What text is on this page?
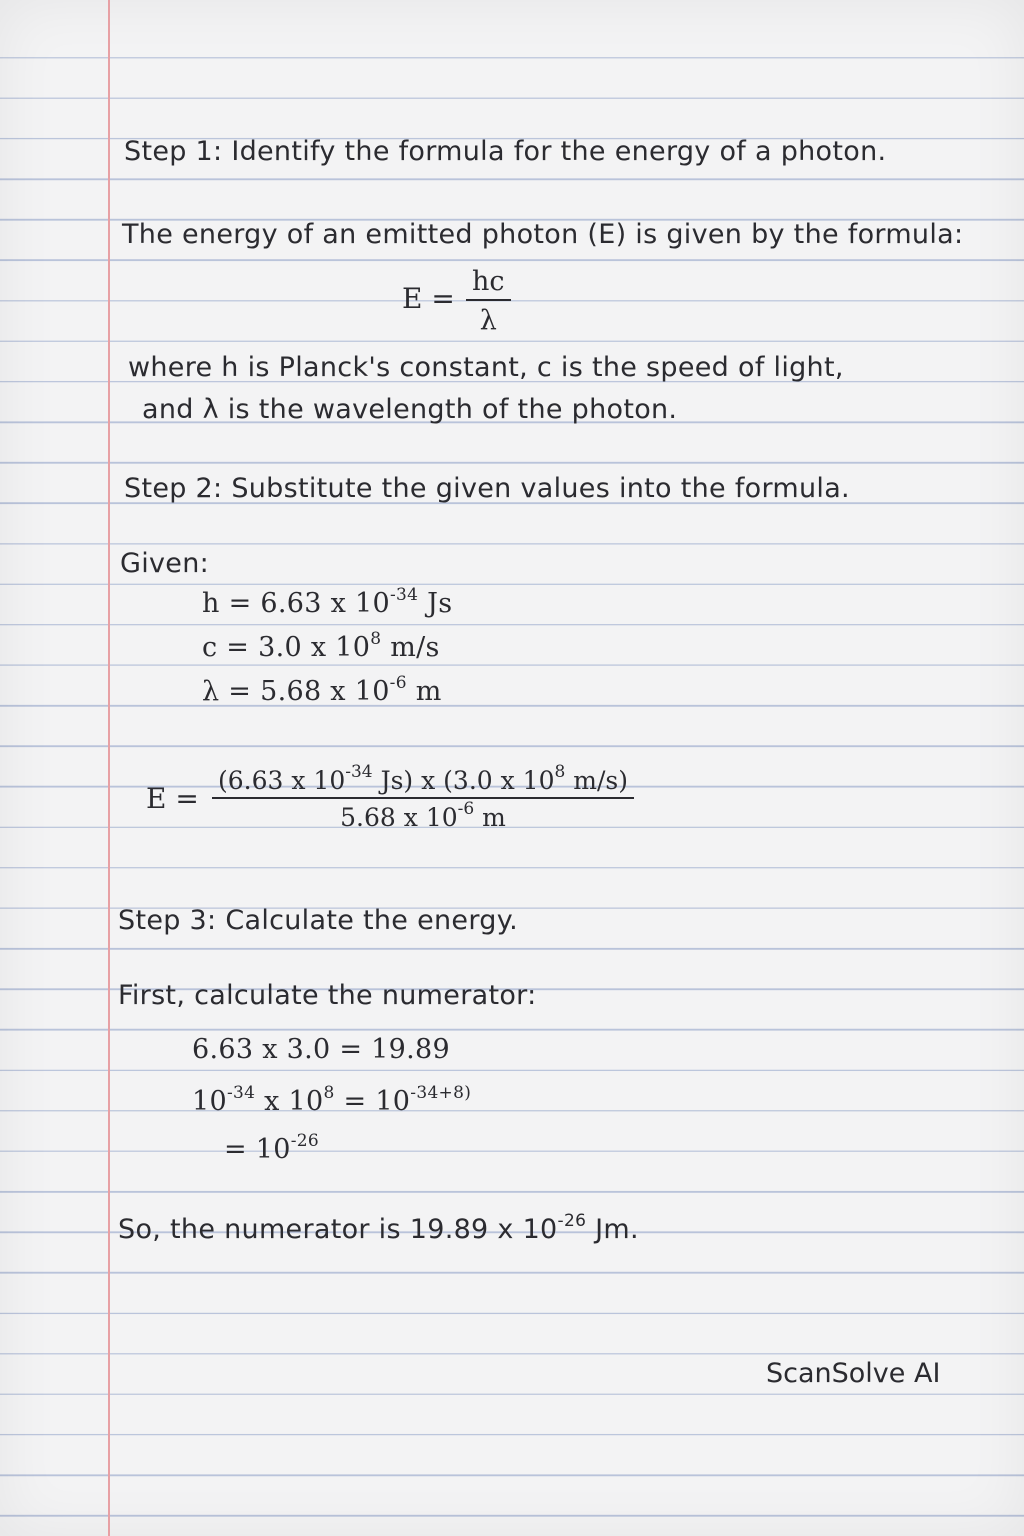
Step 1: Identify the formula for the energy of a photon.
The energy of an emitted photon (E) is given by the formula:
$E = \frac{hc}{\lambda}$
where h is Planck's constant, c is the speed of light,
and λ is the wavelength of the photon.
Step 2: Substitute the given values into the formula.
Given:
h = 6.63 x $10^{-34}$ Js
c = 3.0 x $10^8$ m/s
λ = 5.68 x $10^{-6}$ m
$E = \frac{(6.63 x 10^{-34} Js) x (3.0 x 10^8 m/s)}{5.68 x 10^{-6} m}$
Step 3: Calculate the energy.
First, calculate the numerator:
6.63 x 3.0 = 19.89
$10^{-34}$ x $10^8 = 10^{-34+8)}$
= $10^{-26}$
So, the numerator is 19.89 x $10^{-26}$ Jm.
ScanSolve AI
